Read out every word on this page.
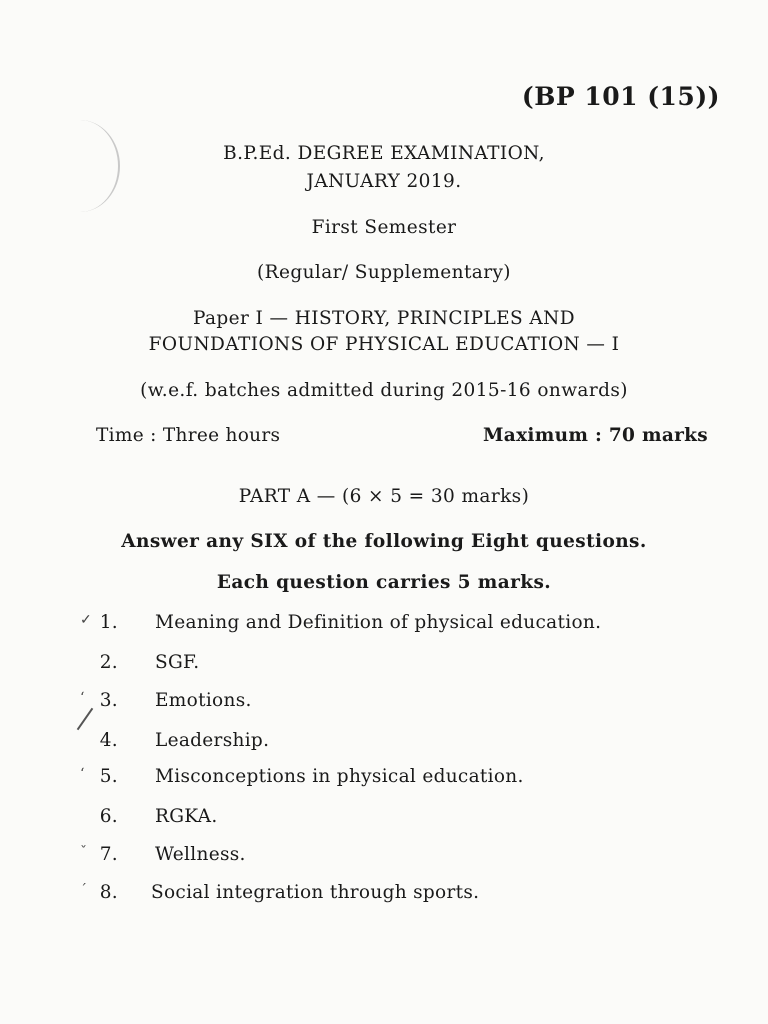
(BP 101 (15))
B.P.Ed. DEGREE EXAMINATION,
JANUARY 2019.
First Semester
(Regular/ Supplementary)
Paper I — HISTORY, PRINCIPLES AND
FOUNDATIONS OF PHYSICAL EDUCATION — I
(w.e.f. batches admitted during 2015-16 onwards)
Time : Three hours	Maximum : 70 marks
PART A — (6 × 5 = 30 marks)
Answer any SIX of the following Eight questions.
Each question carries 5 marks.
✓ 1. Meaning and Definition of physical education.
2. SGF.
‘ 3. Emotions.
4. Leadership.
‘ 5. Misconceptions in physical education.
6. RGKA.
ˇ 7. Wellness.
ˊ 8. Social integration through sports.
